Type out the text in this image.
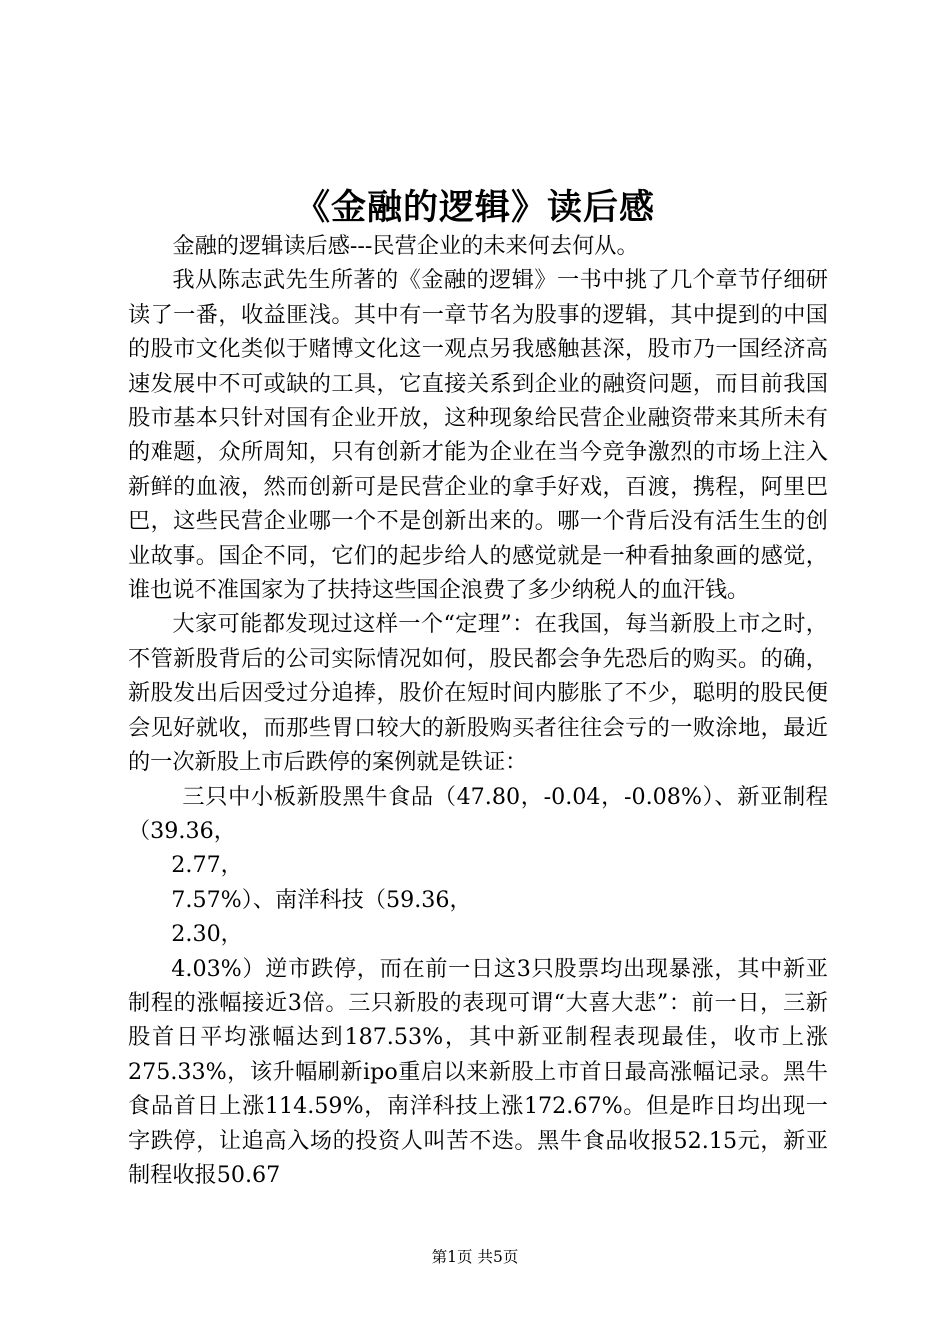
《金融的逻辑》读后感

金融的逻辑读后感---民营企业的未来何去何从。

我从陈志武先生所著的《金融的逻辑》一书中挑了几个章节仔细研读了一番，收益匪浅。其中有一章节名为股事的逻辑，其中提到的中国的股市文化类似于赌博文化这一观点另我感触甚深，股市乃一国经济高速发展中不可或缺的工具，它直接关系到企业的融资问题，而目前我国股市基本只针对国有企业开放，这种现象给民营企业融资带来其所未有的难题，众所周知，只有创新才能为企业在当今竞争激烈的市场上注入新鲜的血液，然而创新可是民营企业的拿手好戏，百渡，携程，阿里巴巴，这些民营企业哪一个不是创新出来的。哪一个背后没有活生生的创业故事。国企不同，它们的起步给人的感觉就是一种看抽象画的感觉，谁也说不准国家为了扶持这些国企浪费了多少纳税人的血汗钱。

大家可能都发现过这样一个“定理”：在我国，每当新股上市之时，不管新股背后的公司实际情况如何，股民都会争先恐后的购买。的确，新股发出后因受过分追捧，股价在短时间内膨胀了不少，聪明的股民便会见好就收，而那些胃口较大的新股购买者往往会亏的一败涂地，最近的一次新股上市后跌停的案例就是铁证：

三只中小板新股黑牛食品（47.80，-0.04，-0.08%）、新亚制程（39.36，

2.77，

7.57%）、南洋科技（59.36，

2.30，

4.03%）逆市跌停，而在前一日这3只股票均出现暴涨，其中新亚制程的涨幅接近3倍。三只新股的表现可谓“大喜大悲”：前一日，三新股首日平均涨幅达到187.53%，其中新亚制程表现最佳，收市上涨275.33%，该升幅刷新ipo重启以来新股上市首日最高涨幅记录。黑牛食品首日上涨114.59%，南洋科技上涨172.67%。但是昨日均出现一字跌停，让追高入场的投资人叫苦不迭。黑牛食品收报52.15元，新亚制程收报50.67

第1页 共5页
